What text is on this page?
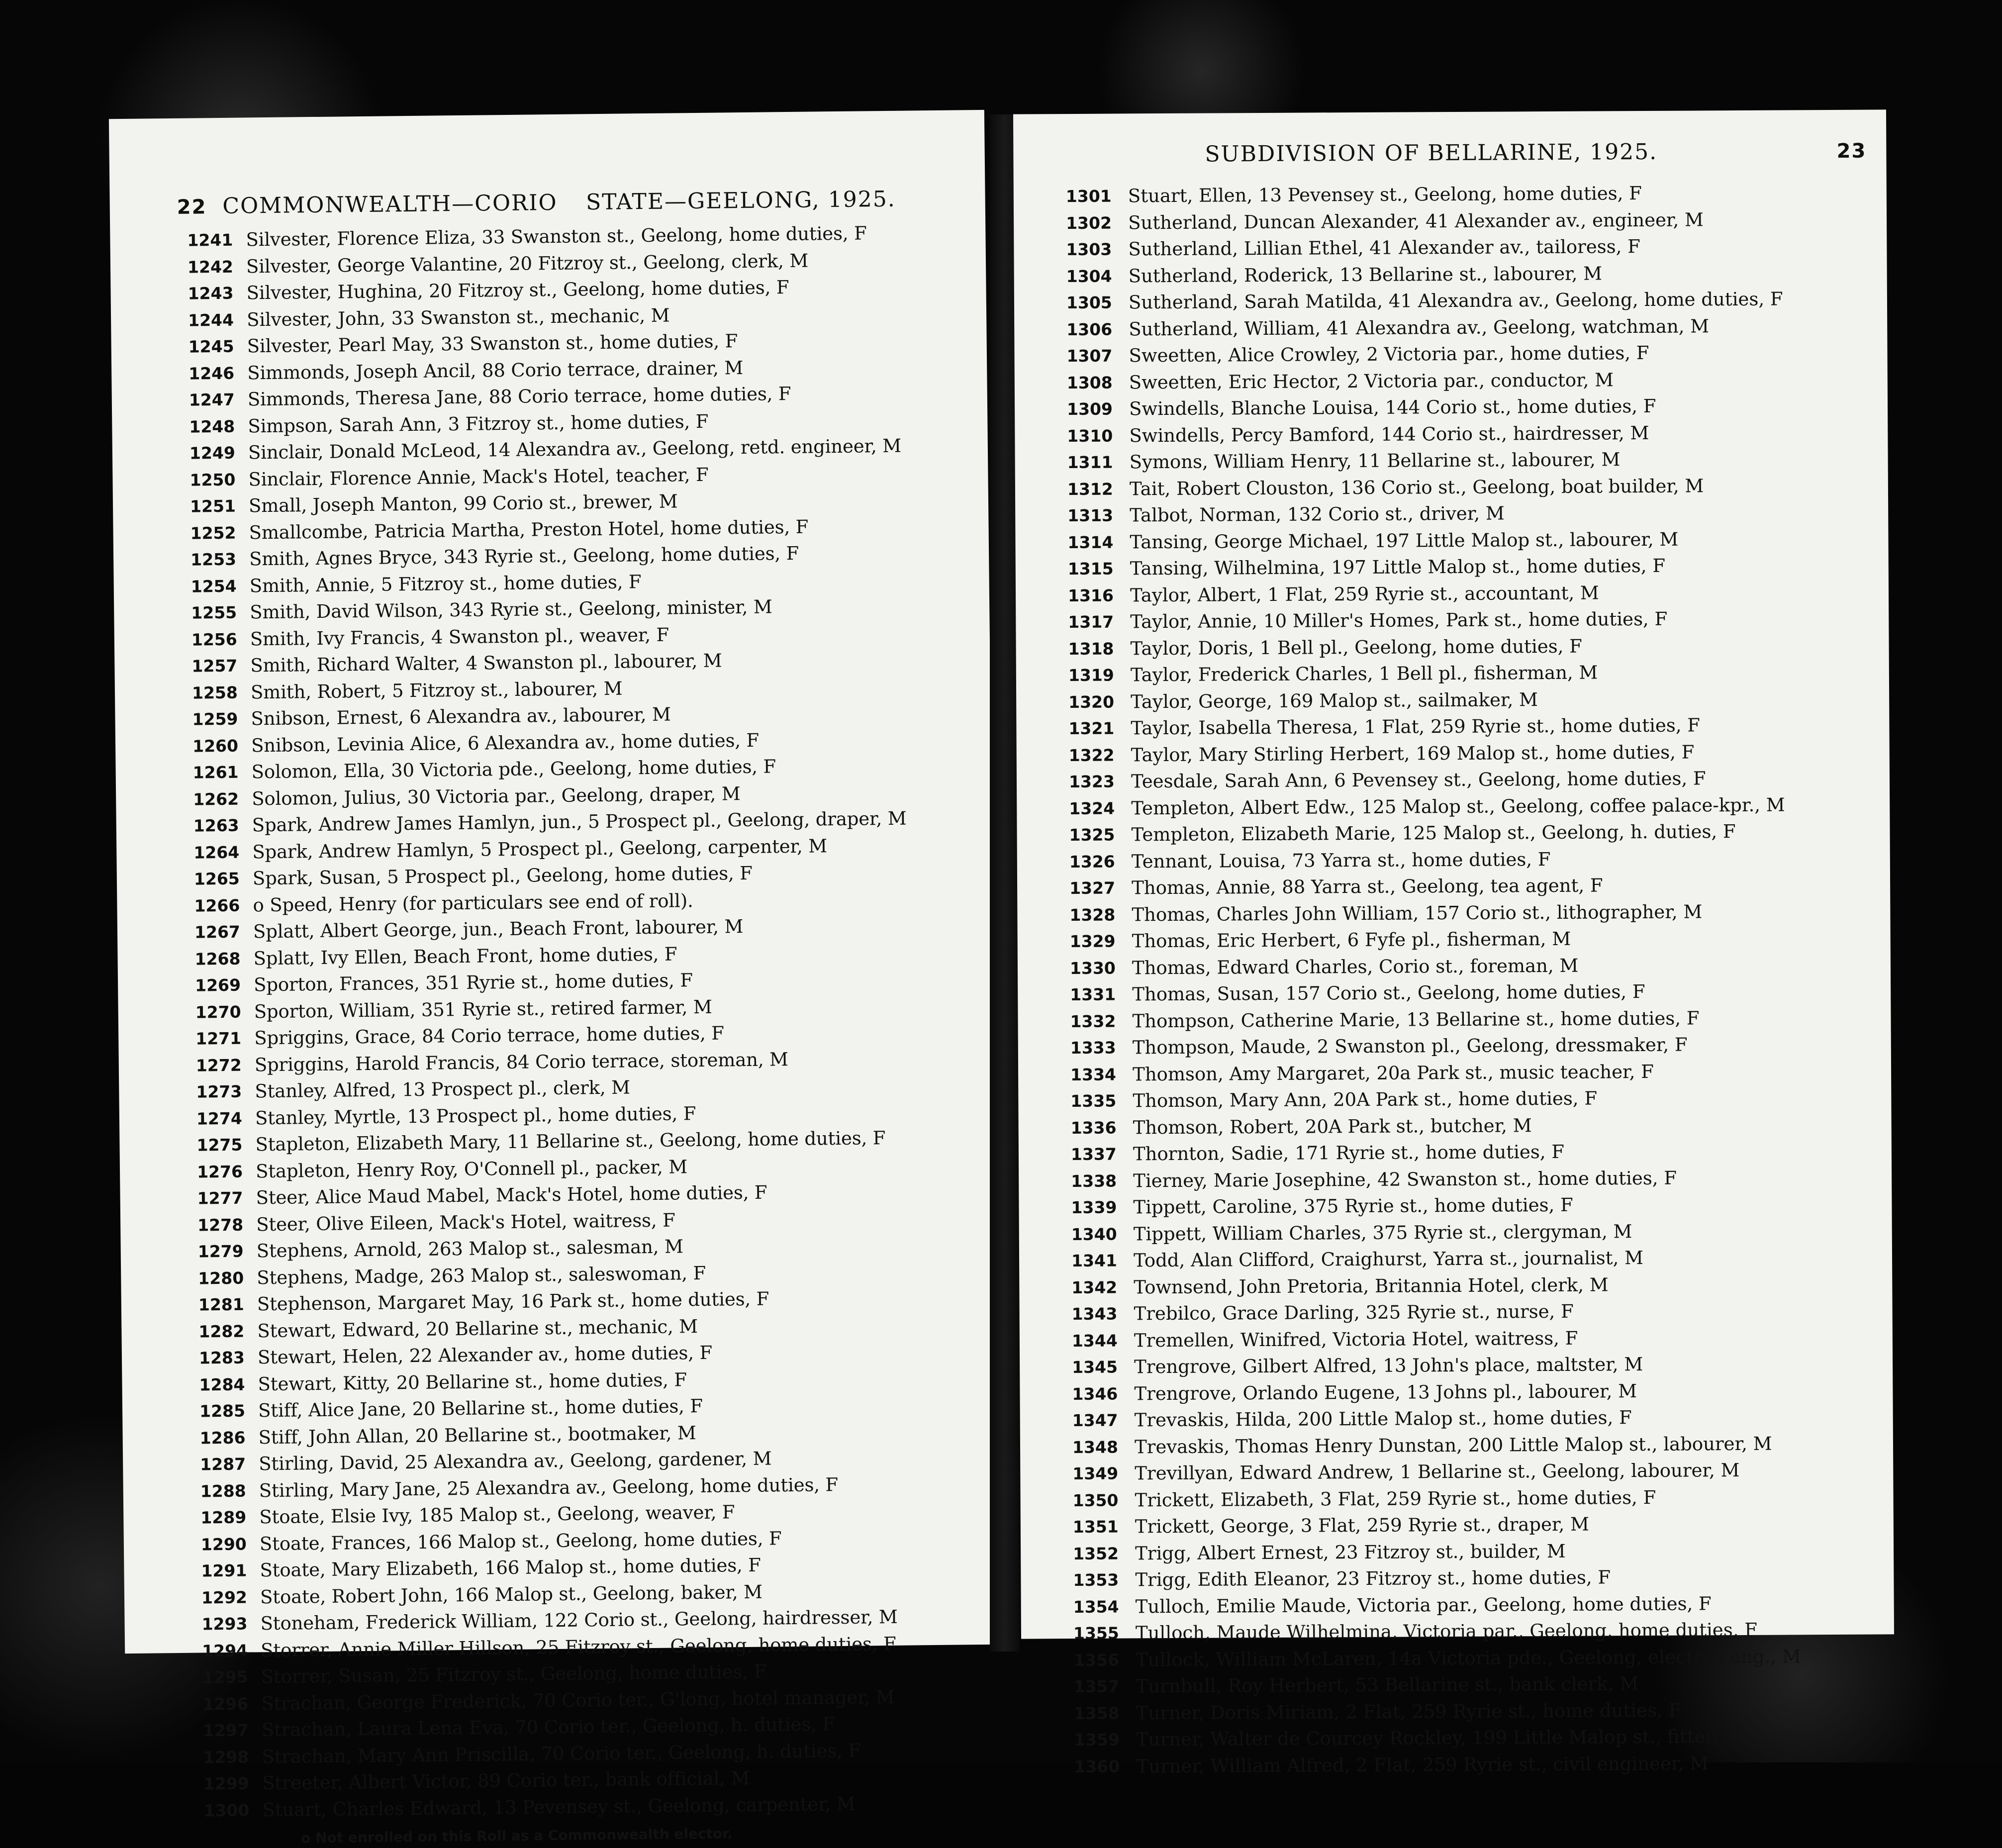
22 COMMONWEALTH—CORIO STATE—GEELONG, 1925.
1241 Silvester, Florence Eliza, 33 Swanston st., Geelong, home duties, F
1242 Silvester, George Valantine, 20 Fitzroy st., Geelong, clerk, M
1243 Silvester, Hughina, 20 Fitzroy st., Geelong, home duties, F
1244 Silvester, John, 33 Swanston st., mechanic, M
1245 Silvester, Pearl May, 33 Swanston st., home duties, F
1246 Simmonds, Joseph Ancil, 88 Corio terrace, drainer, M
1247 Simmonds, Theresa Jane, 88 Corio terrace, home duties, F
1248 Simpson, Sarah Ann, 3 Fitzroy st., home duties, F
1249 Sinclair, Donald McLeod, 14 Alexandra av., Geelong, retd. engineer, M
1250 Sinclair, Florence Annie, Mack's Hotel, teacher, F
1251 Small, Joseph Manton, 99 Corio st., brewer, M
1252 Smallcombe, Patricia Martha, Preston Hotel, home duties, F
1253 Smith, Agnes Bryce, 343 Ryrie st., Geelong, home duties, F
1254 Smith, Annie, 5 Fitzroy st., home duties, F
1255 Smith, David Wilson, 343 Ryrie st., Geelong, minister, M
1256 Smith, Ivy Francis, 4 Swanston pl., weaver, F
1257 Smith, Richard Walter, 4 Swanston pl., labourer, M
1258 Smith, Robert, 5 Fitzroy st., labourer, M
1259 Snibson, Ernest, 6 Alexandra av., labourer, M
1260 Snibson, Levinia Alice, 6 Alexandra av., home duties, F
1261 Solomon, Ella, 30 Victoria pde., Geelong, home duties, F
1262 Solomon, Julius, 30 Victoria par., Geelong, draper, M
1263 Spark, Andrew James Hamlyn, jun., 5 Prospect pl., Geelong, draper, M
1264 Spark, Andrew Hamlyn, 5 Prospect pl., Geelong, carpenter, M
1265 Spark, Susan, 5 Prospect pl., Geelong, home duties, F
1266 o Speed, Henry (for particulars see end of roll).
1267 Splatt, Albert George, jun., Beach Front, labourer, M
1268 Splatt, Ivy Ellen, Beach Front, home duties, F
1269 Sporton, Frances, 351 Ryrie st., home duties, F
1270 Sporton, William, 351 Ryrie st., retired farmer, M
1271 Spriggins, Grace, 84 Corio terrace, home duties, F
1272 Spriggins, Harold Francis, 84 Corio terrace, storeman, M
1273 Stanley, Alfred, 13 Prospect pl., clerk, M
1274 Stanley, Myrtle, 13 Prospect pl., home duties, F
1275 Stapleton, Elizabeth Mary, 11 Bellarine st., Geelong, home duties, F
1276 Stapleton, Henry Roy, O'Connell pl., packer, M
1277 Steer, Alice Maud Mabel, Mack's Hotel, home duties, F
1278 Steer, Olive Eileen, Mack's Hotel, waitress, F
1279 Stephens, Arnold, 263 Malop st., salesman, M
1280 Stephens, Madge, 263 Malop st., saleswoman, F
1281 Stephenson, Margaret May, 16 Park st., home duties, F
1282 Stewart, Edward, 20 Bellarine st., mechanic, M
1283 Stewart, Helen, 22 Alexander av., home duties, F
1284 Stewart, Kitty, 20 Bellarine st., home duties, F
1285 Stiff, Alice Jane, 20 Bellarine st., home duties, F
1286 Stiff, John Allan, 20 Bellarine st., bootmaker, M
1287 Stirling, David, 25 Alexandra av., Geelong, gardener, M
1288 Stirling, Mary Jane, 25 Alexandra av., Geelong, home duties, F
1289 Stoate, Elsie Ivy, 185 Malop st., Geelong, weaver, F
1290 Stoate, Frances, 166 Malop st., Geelong, home duties, F
1291 Stoate, Mary Elizabeth, 166 Malop st., home duties, F
1292 Stoate, Robert John, 166 Malop st., Geelong, baker, M
1293 Stoneham, Frederick William, 122 Corio st., Geelong, hairdresser, M
1294 Storrer, Annie Miller Hillson, 25 Fitzroy st., Geelong, home duties, F
1295 Storrer, Susan, 25 Fitzroy st., Geelong, home duties, F
1296 Strachan, George Frederick, 70 Corio ter., G'long, hotel manager, M
1297 Strachan, Laura Lena Eva, 70 Corio ter., Geelong, h. duties, F
1298 Strachan, Mary Ann Priscilla, 70 Corio ter., Geelong, h. duties, F
1299 Streeter, Albert Victor, 89 Corio ter., bank official, M
1300 Stuart, Charles Edward, 13 Pevensey st., Geelong, carpenter, M
o Not enrolled on this Roll as a Commonwealth elector.
SUBDIVISION OF BELLARINE, 1925.	23
1301 Stuart, Ellen, 13 Pevensey st., Geelong, home duties, F
1302 Sutherland, Duncan Alexander, 41 Alexander av., engineer, M
1303 Sutherland, Lillian Ethel, 41 Alexander av., tailoress, F
1304 Sutherland, Roderick, 13 Bellarine st., labourer, M
1305 Sutherland, Sarah Matilda, 41 Alexandra av., Geelong, home duties, F
1306 Sutherland, William, 41 Alexandra av., Geelong, watchman, M
1307 Sweetten, Alice Crowley, 2 Victoria par., home duties, F
1308 Sweetten, Eric Hector, 2 Victoria par., conductor, M
1309 Swindells, Blanche Louisa, 144 Corio st., home duties, F
1310 Swindells, Percy Bamford, 144 Corio st., hairdresser, M
1311 Symons, William Henry, 11 Bellarine st., labourer, M
1312 Tait, Robert Clouston, 136 Corio st., Geelong, boat builder, M
1313 Talbot, Norman, 132 Corio st., driver, M
1314 Tansing, George Michael, 197 Little Malop st., labourer, M
1315 Tansing, Wilhelmina, 197 Little Malop st., home duties, F
1316 Taylor, Albert, 1 Flat, 259 Ryrie st., accountant, M
1317 Taylor, Annie, 10 Miller's Homes, Park st., home duties, F
1318 Taylor, Doris, 1 Bell pl., Geelong, home duties, F
1319 Taylor, Frederick Charles, 1 Bell pl., fisherman, M
1320 Taylor, George, 169 Malop st., sailmaker, M
1321 Taylor, Isabella Theresa, 1 Flat, 259 Ryrie st., home duties, F
1322 Taylor, Mary Stirling Herbert, 169 Malop st., home duties, F
1323 Teesdale, Sarah Ann, 6 Pevensey st., Geelong, home duties, F
1324 Templeton, Albert Edw., 125 Malop st., Geelong, coffee palace-kpr., M
1325 Templeton, Elizabeth Marie, 125 Malop st., Geelong, h. duties, F
1326 Tennant, Louisa, 73 Yarra st., home duties, F
1327 Thomas, Annie, 88 Yarra st., Geelong, tea agent, F
1328 Thomas, Charles John William, 157 Corio st., lithographer, M
1329 Thomas, Eric Herbert, 6 Fyfe pl., fisherman, M
1330 Thomas, Edward Charles, Corio st., foreman, M
1331 Thomas, Susan, 157 Corio st., Geelong, home duties, F
1332 Thompson, Catherine Marie, 13 Bellarine st., home duties, F
1333 Thompson, Maude, 2 Swanston pl., Geelong, dressmaker, F
1334 Thomson, Amy Margaret, 20a Park st., music teacher, F
1335 Thomson, Mary Ann, 20A Park st., home duties, F
1336 Thomson, Robert, 20A Park st., butcher, M
1337 Thornton, Sadie, 171 Ryrie st., home duties, F
1338 Tierney, Marie Josephine, 42 Swanston st., home duties, F
1339 Tippett, Caroline, 375 Ryrie st., home duties, F
1340 Tippett, William Charles, 375 Ryrie st., clergyman, M
1341 Todd, Alan Clifford, Craighurst, Yarra st., journalist, M
1342 Townsend, John Pretoria, Britannia Hotel, clerk, M
1343 Trebilco, Grace Darling, 325 Ryrie st., nurse, F
1344 Tremellen, Winifred, Victoria Hotel, waitress, F
1345 Trengrove, Gilbert Alfred, 13 John's place, maltster, M
1346 Trengrove, Orlando Eugene, 13 Johns pl., labourer, M
1347 Trevaskis, Hilda, 200 Little Malop st., home duties, F
1348 Trevaskis, Thomas Henry Dunstan, 200 Little Malop st., labourer, M
1349 Trevillyan, Edward Andrew, 1 Bellarine st., Geelong, labourer, M
1350 Trickett, Elizabeth, 3 Flat, 259 Ryrie st., home duties, F
1351 Trickett, George, 3 Flat, 259 Ryrie st., draper, M
1352 Trigg, Albert Ernest, 23 Fitzroy st., builder, M
1353 Trigg, Edith Eleanor, 23 Fitzroy st., home duties, F
1354 Tulloch, Emilie Maude, Victoria par., Geelong, home duties, F
1355 Tulloch, Maude Wilhelmina, Victoria par., Geelong, home duties, F
1356 Tullock, William McLaren, 14a Victoria pde., Geelong, electrcl. eng., M
1357 Turnbull, Roy Herbert, 53 Bellarine st., bank clerk, M
1358 Turner, Doris Miriam, 2 Flat, 259 Ryrie st., home duties, F
1359 Turner, Walter de Courcey Rockley, 199 Little Malop st., fitter, M
1360 Turner, William Alfred, 2 Flat, 259 Ryrie st., civil engineer, M
